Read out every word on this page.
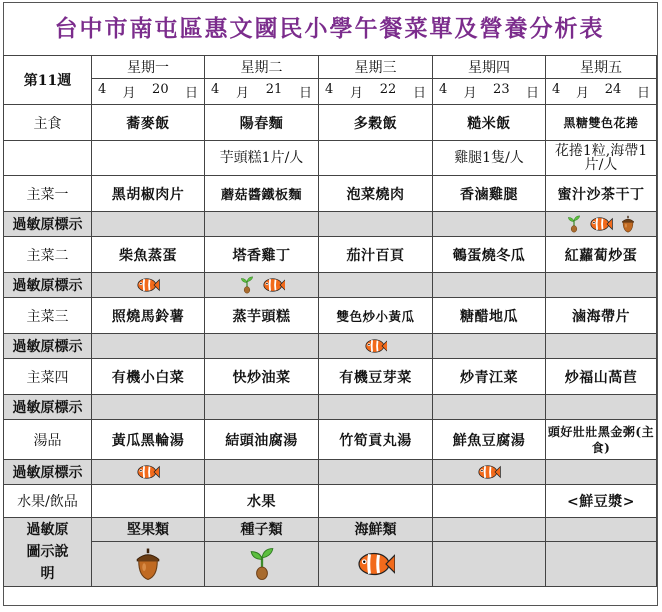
台中市南屯區惠文國民小學午餐菜單及營養分析表
第11週	星期一	星期二	星期三	星期四	星期五

	4 月 20 日	4 月 21 日	4 月 22 日	4 月 23 日	4 月 24 日

主食	蕎麥飯	陽春麵	多穀飯	糙米飯	黑糖雙色花捲
		芋頭糕1片/人		雞腿1隻/人	花捲1粒,海帶1片/人
主菜一	黑胡椒肉片	蘑菇醬鐵板麵	泡菜燒肉	香滷雞腿	蜜汁沙茶干丁
過敏原標示					

主菜二	柴魚蒸蛋	塔香雞丁	茄汁百頁	鵪蛋燒冬瓜	紅蘿蔔炒蛋
過敏原標示	

主菜三	照燒馬鈴薯	蒸芋頭糕	雙色炒小黃瓜	糖醋地瓜	滷海帶片
過敏原標示			

主菜四	有機小白菜	快炒油菜	有機豆芽菜	炒青江菜	炒福山萵苣
過敏原標示					
湯品	黃瓜黑輪湯	結頭油腐湯	竹筍貢丸湯	鮮魚豆腐湯	頭好壯壯黑金粥(主食)
過敏原標示	

水果/飲品		水果			<鮮豆漿>

過敏原
圖示說
明	堅果類	種子類	海鮮類		
